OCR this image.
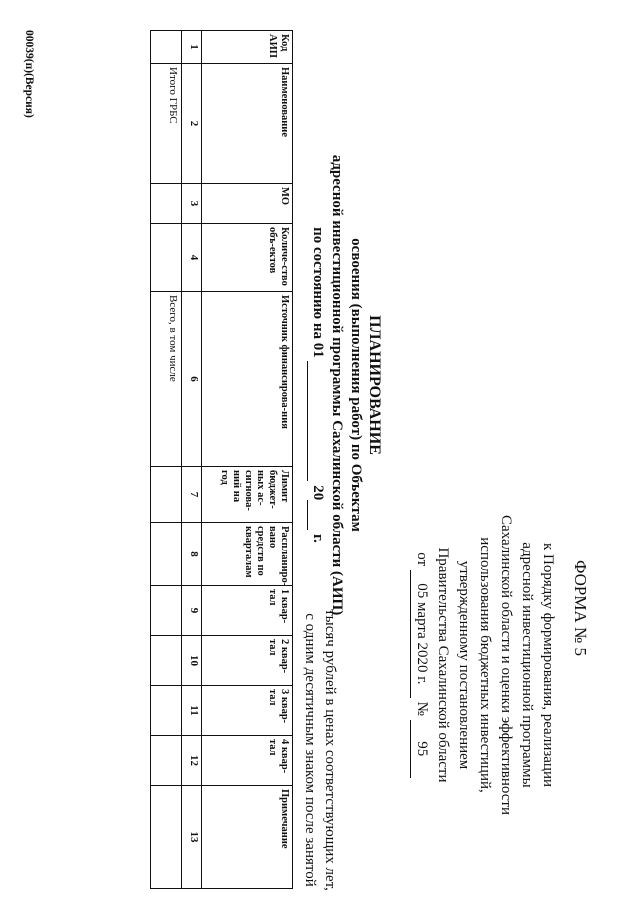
ФОРМА № 5
к Порядку формирования, реализации
адресной инвестиционной программы
Сахалинской области и оценки эффективности
использования бюджетных инвестиций,
утвержденному постановлением
Правительства Сахалинской области
от 05 марта 2020 г. № 95
ПЛАНИРОВАНИЕ
освоения (выполнения работ) по Объектам
адресной инвестиционной программы Сахалинской области (АИП)
по состоянию на 01   20  г.
тысяч рублей в ценах соответствующих лет,
с одним десятичным знаком после занятой
Код АИП	Наименование	МО	Количе-ство объ-ектов	Источник финансирова-ния	Лимит бюджет-ных ас-сигнова-ний на год	Распланиро-вано средств по кварталам	1 квар-тал	2 квар-тал	3 квар-тал	4 квар-тал	Примечание
1	2	3	4	6	7	8	9	10	11	12	13
	Итого ГРБС			Всего, в том числе							
00039(п)(Версия)
